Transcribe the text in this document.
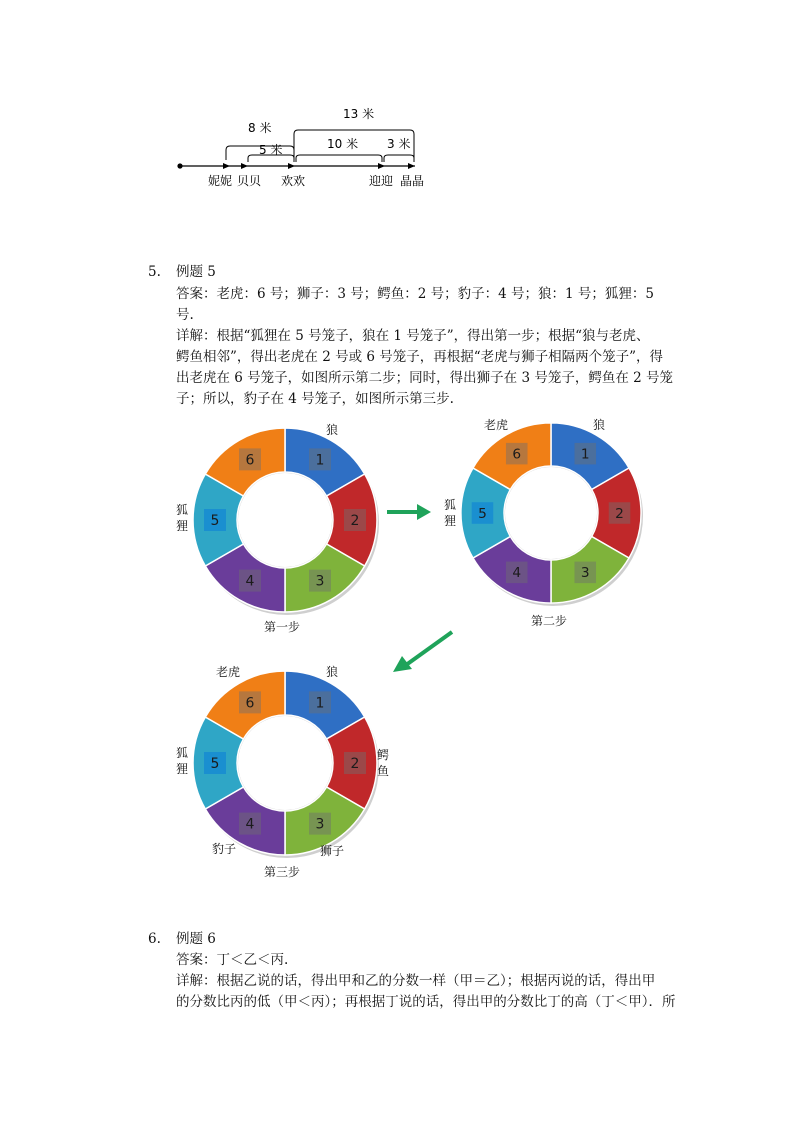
8 米
5 米
13 米
10 米 3 米
妮妮 贝贝 欢欢	迎迎 晶晶
5. 例题 5
答案：老虎：6 号；狮子：3 号；鳄鱼：2 号；豹子：4 号；狼：1 号；狐狸：5
号.
详解：根据“狐狸在 5 号笼子，狼在 1 号笼子”，得出第一步；根据“狼与老虎、
鳄鱼相邻”，得出老虎在 2 号或 6 号笼子，再根据“老虎与狮子相隔两个笼子”，得
出老虎在 6 号笼子，如图所示第二步；同时，得出狮子在 3 号笼子，鳄鱼在 2 号笼
子；所以，豹子在 4 号笼子，如图所示第三步.
1
2
3
4
5
6	1
2
3
4
5
6
1
2
3
4
5
6
狼
狐
狸
第一步
老虎	狼
狐
狸
第二步
老虎	狼
鳄
鱼
狐
狸
豹子	狮子
第三步
6. 例题 6
答案：丁＜乙＜丙.
详解：根据乙说的话，得出甲和乙的分数一样（甲＝乙）；根据丙说的话，得出甲
的分数比丙的低（甲＜丙）；再根据丁说的话，得出甲的分数比丁的高（丁＜甲）．所
